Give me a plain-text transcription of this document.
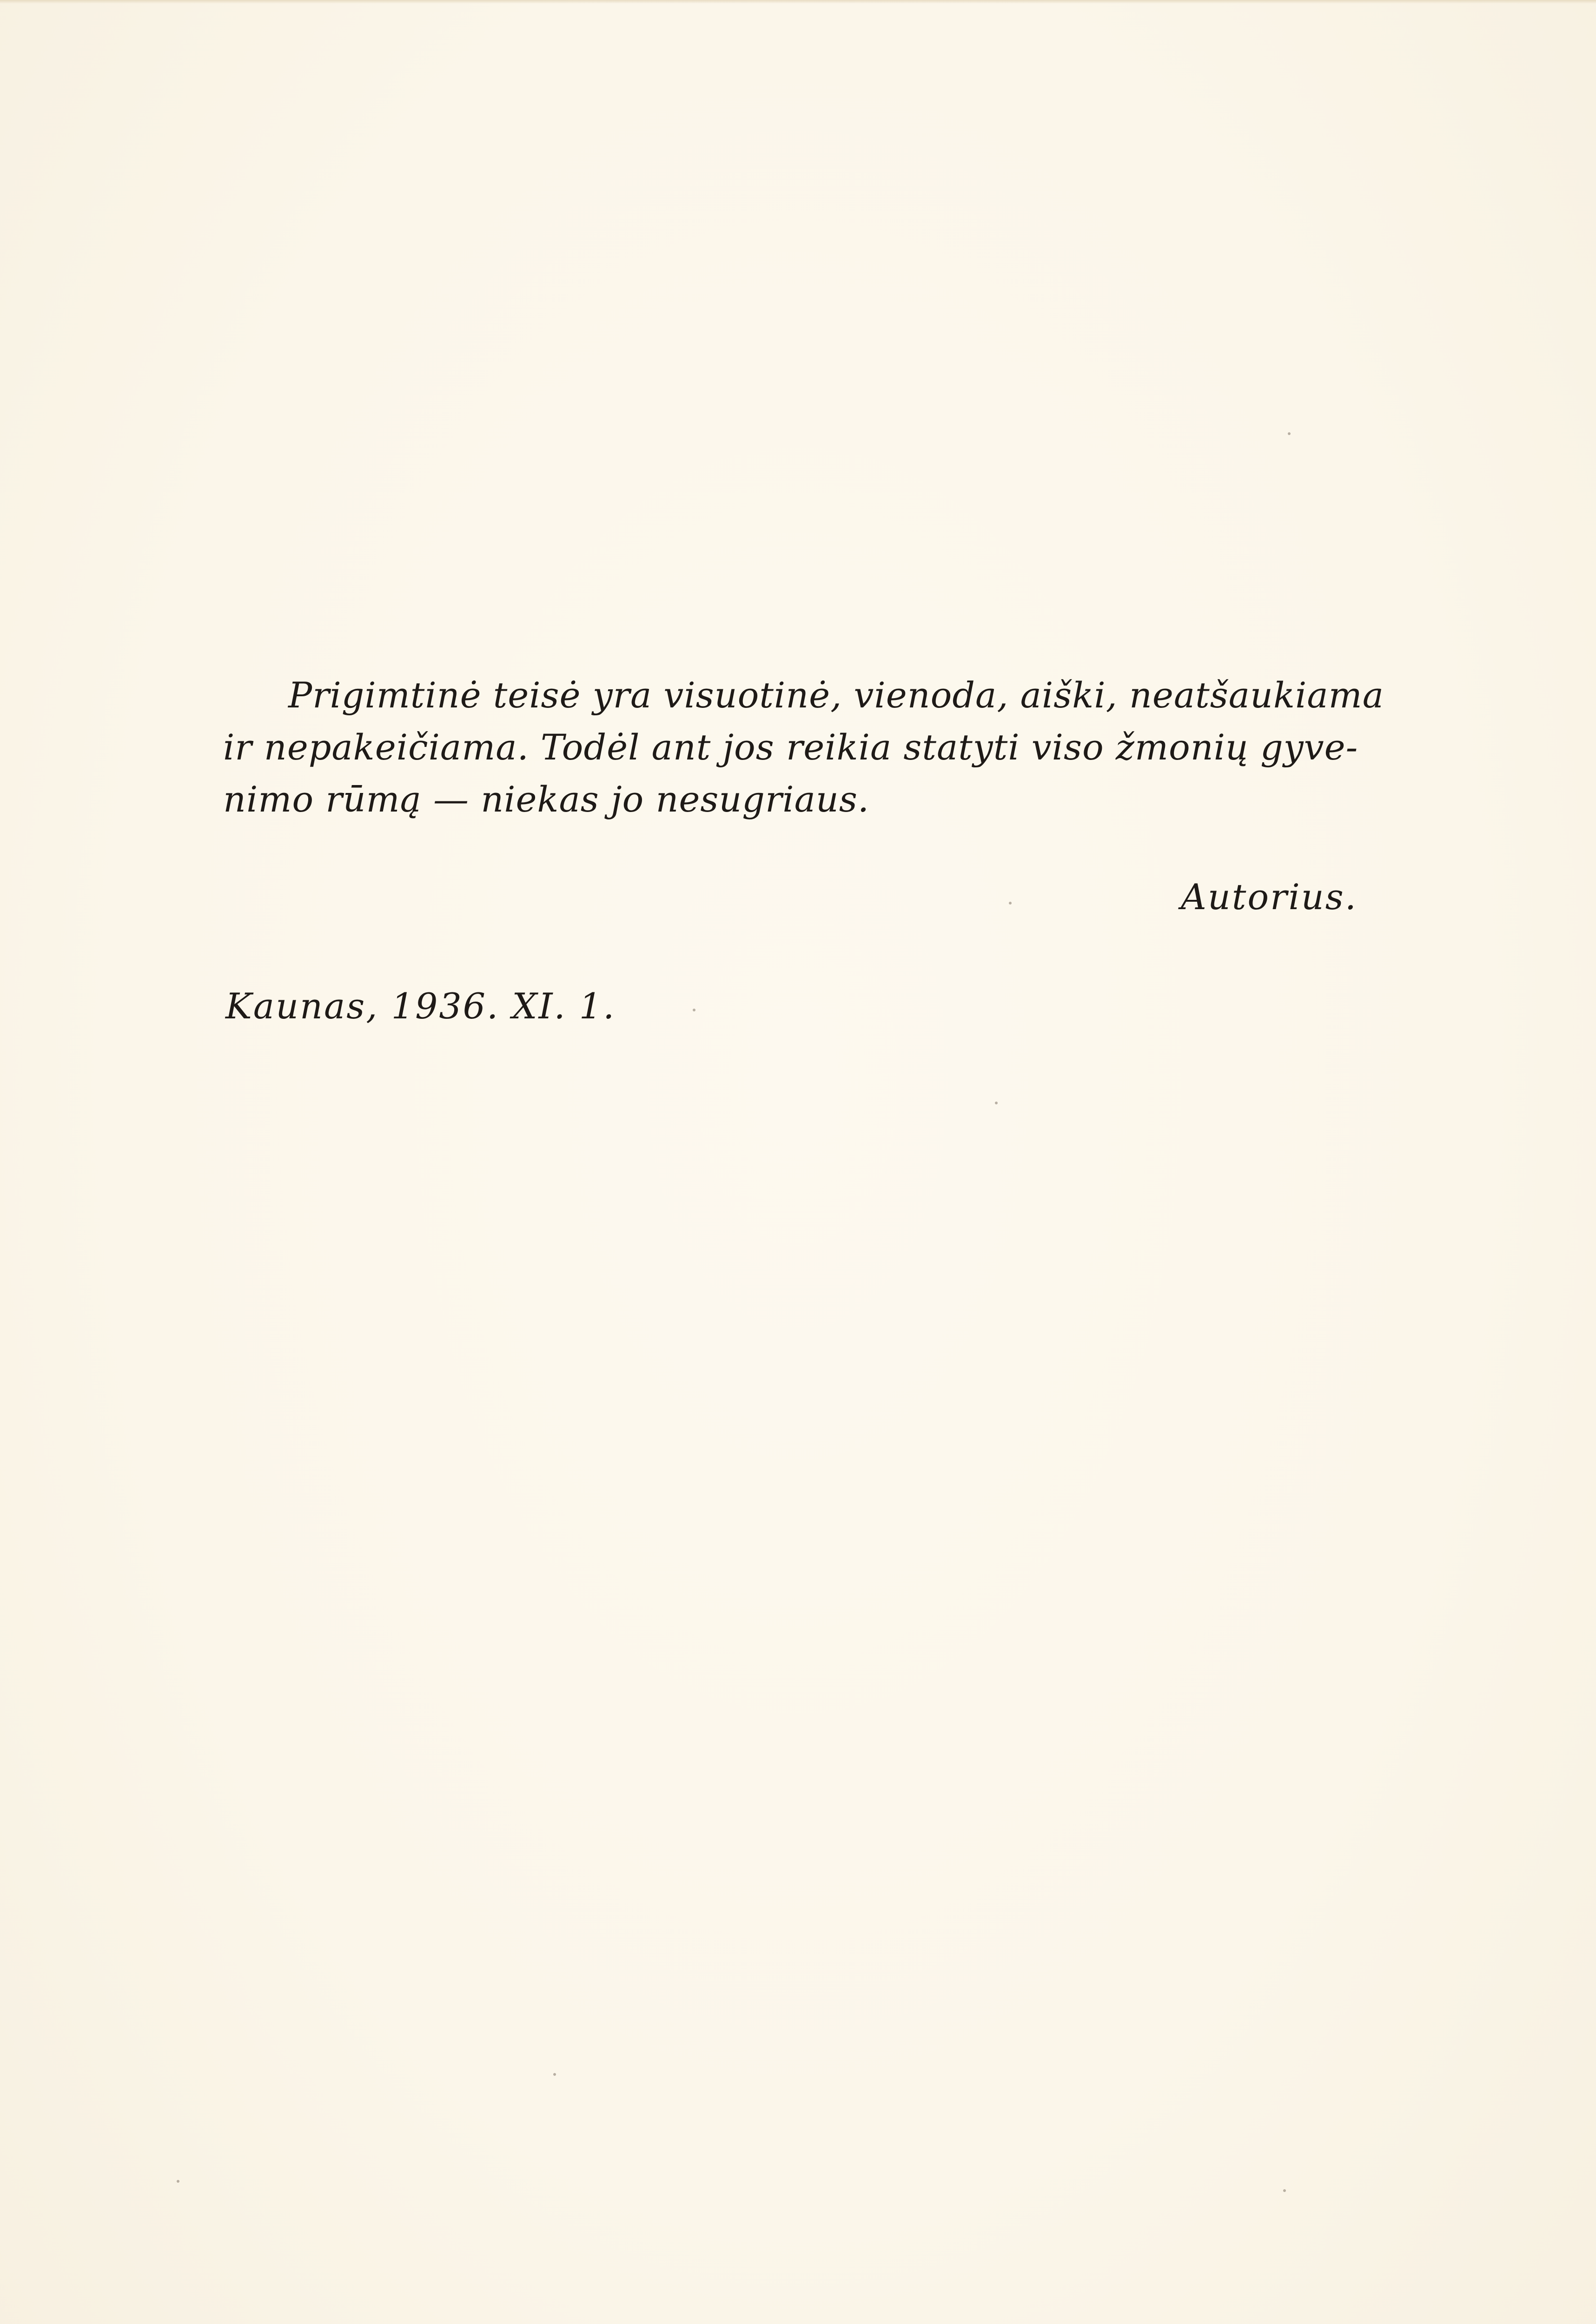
Prigimtinė teisė yra visuotinė, vienoda, aiški, neatšaukiama
ir nepakeičiama. Todėl ant jos reikia statyti viso žmonių gyve-
nimo rūmą — niekas jo nesugriaus.

Autorius.
Kaunas, 1936. XI. 1.
